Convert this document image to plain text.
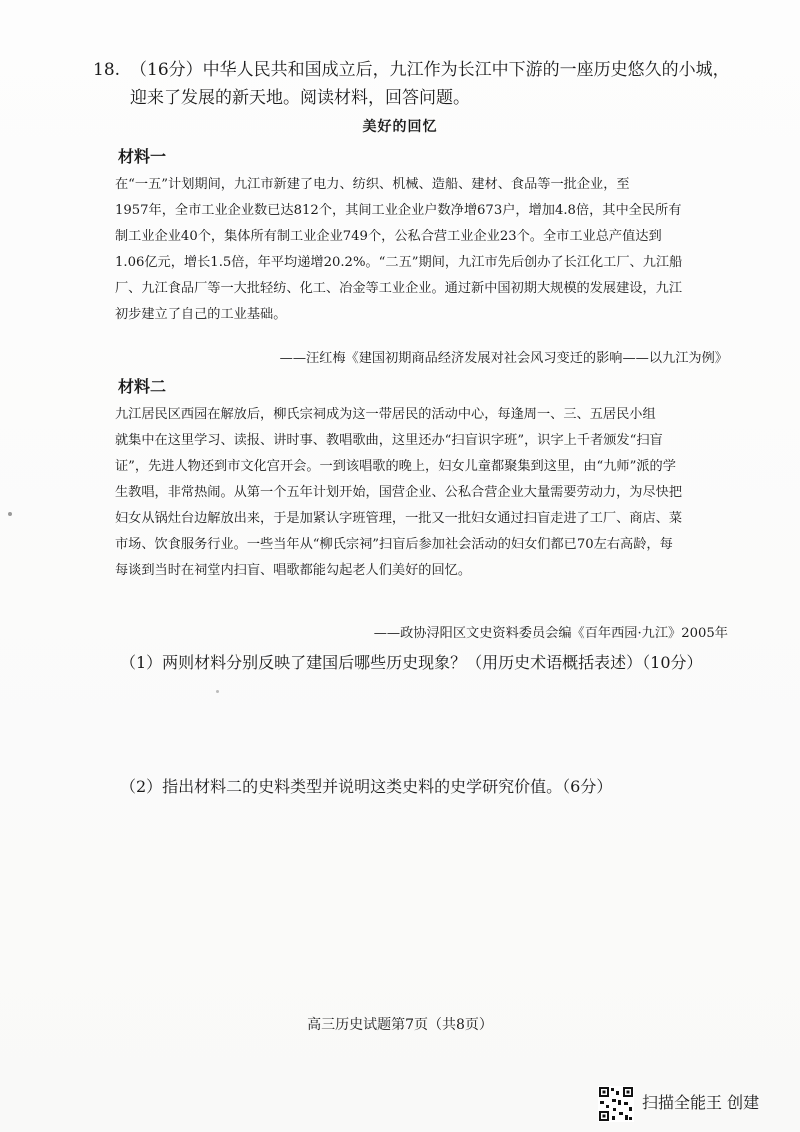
18. （16分）中华人民共和国成立后，九江作为长江中下游的一座历史悠久的小城，
迎来了发展的新天地。阅读材料，回答问题。
美好的回忆
材料一
在“一五”计划期间，九江市新建了电力、纺织、机械、造船、建材、食品等一批企业，至
1957年，全市工业企业数已达812个，其间工业企业户数净增673户，增加4.8倍，其中全民所有
制工业企业40个，集体所有制工业企业749个，公私合营工业企业23个。全市工业总产值达到
1.06亿元，增长1.5倍，年平均递增20.2%。“二五”期间，九江市先后创办了长江化工厂、九江船
厂、九江食品厂等一大批轻纺、化工、冶金等工业企业。通过新中国初期大规模的发展建设，九江
初步建立了自己的工业基础。
——汪红梅《建国初期商品经济发展对社会风习变迁的影响——以九江为例》
材料二
九江居民区西园在解放后，柳氏宗祠成为这一带居民的活动中心，每逢周一、三、五居民小组
就集中在这里学习、读报、讲时事、教唱歌曲，这里还办“扫盲识字班”，识字上千者颁发“扫盲
证”，先进人物还到市文化宫开会。一到该唱歌的晚上，妇女儿童都聚集到这里，由“九师”派的学
生教唱，非常热闹。从第一个五年计划开始，国营企业、公私合营企业大量需要劳动力，为尽快把
妇女从锅灶台边解放出来，于是加紧认字班管理，一批又一批妇女通过扫盲走进了工厂、商店、菜
市场、饮食服务行业。一些当年从“柳氏宗祠”扫盲后参加社会活动的妇女们都已70左右高龄，每
每谈到当时在祠堂内扫盲、唱歌都能勾起老人们美好的回忆。
——政协浔阳区文史资料委员会编《百年西园·九江》2005年
（1）两则材料分别反映了建国后哪些历史现象？（用历史术语概括表述）（10分）
（2）指出材料二的史料类型并说明这类史料的史学研究价值。（6分）
高三历史试题第7页（共8页）
扫描全能王 创建
